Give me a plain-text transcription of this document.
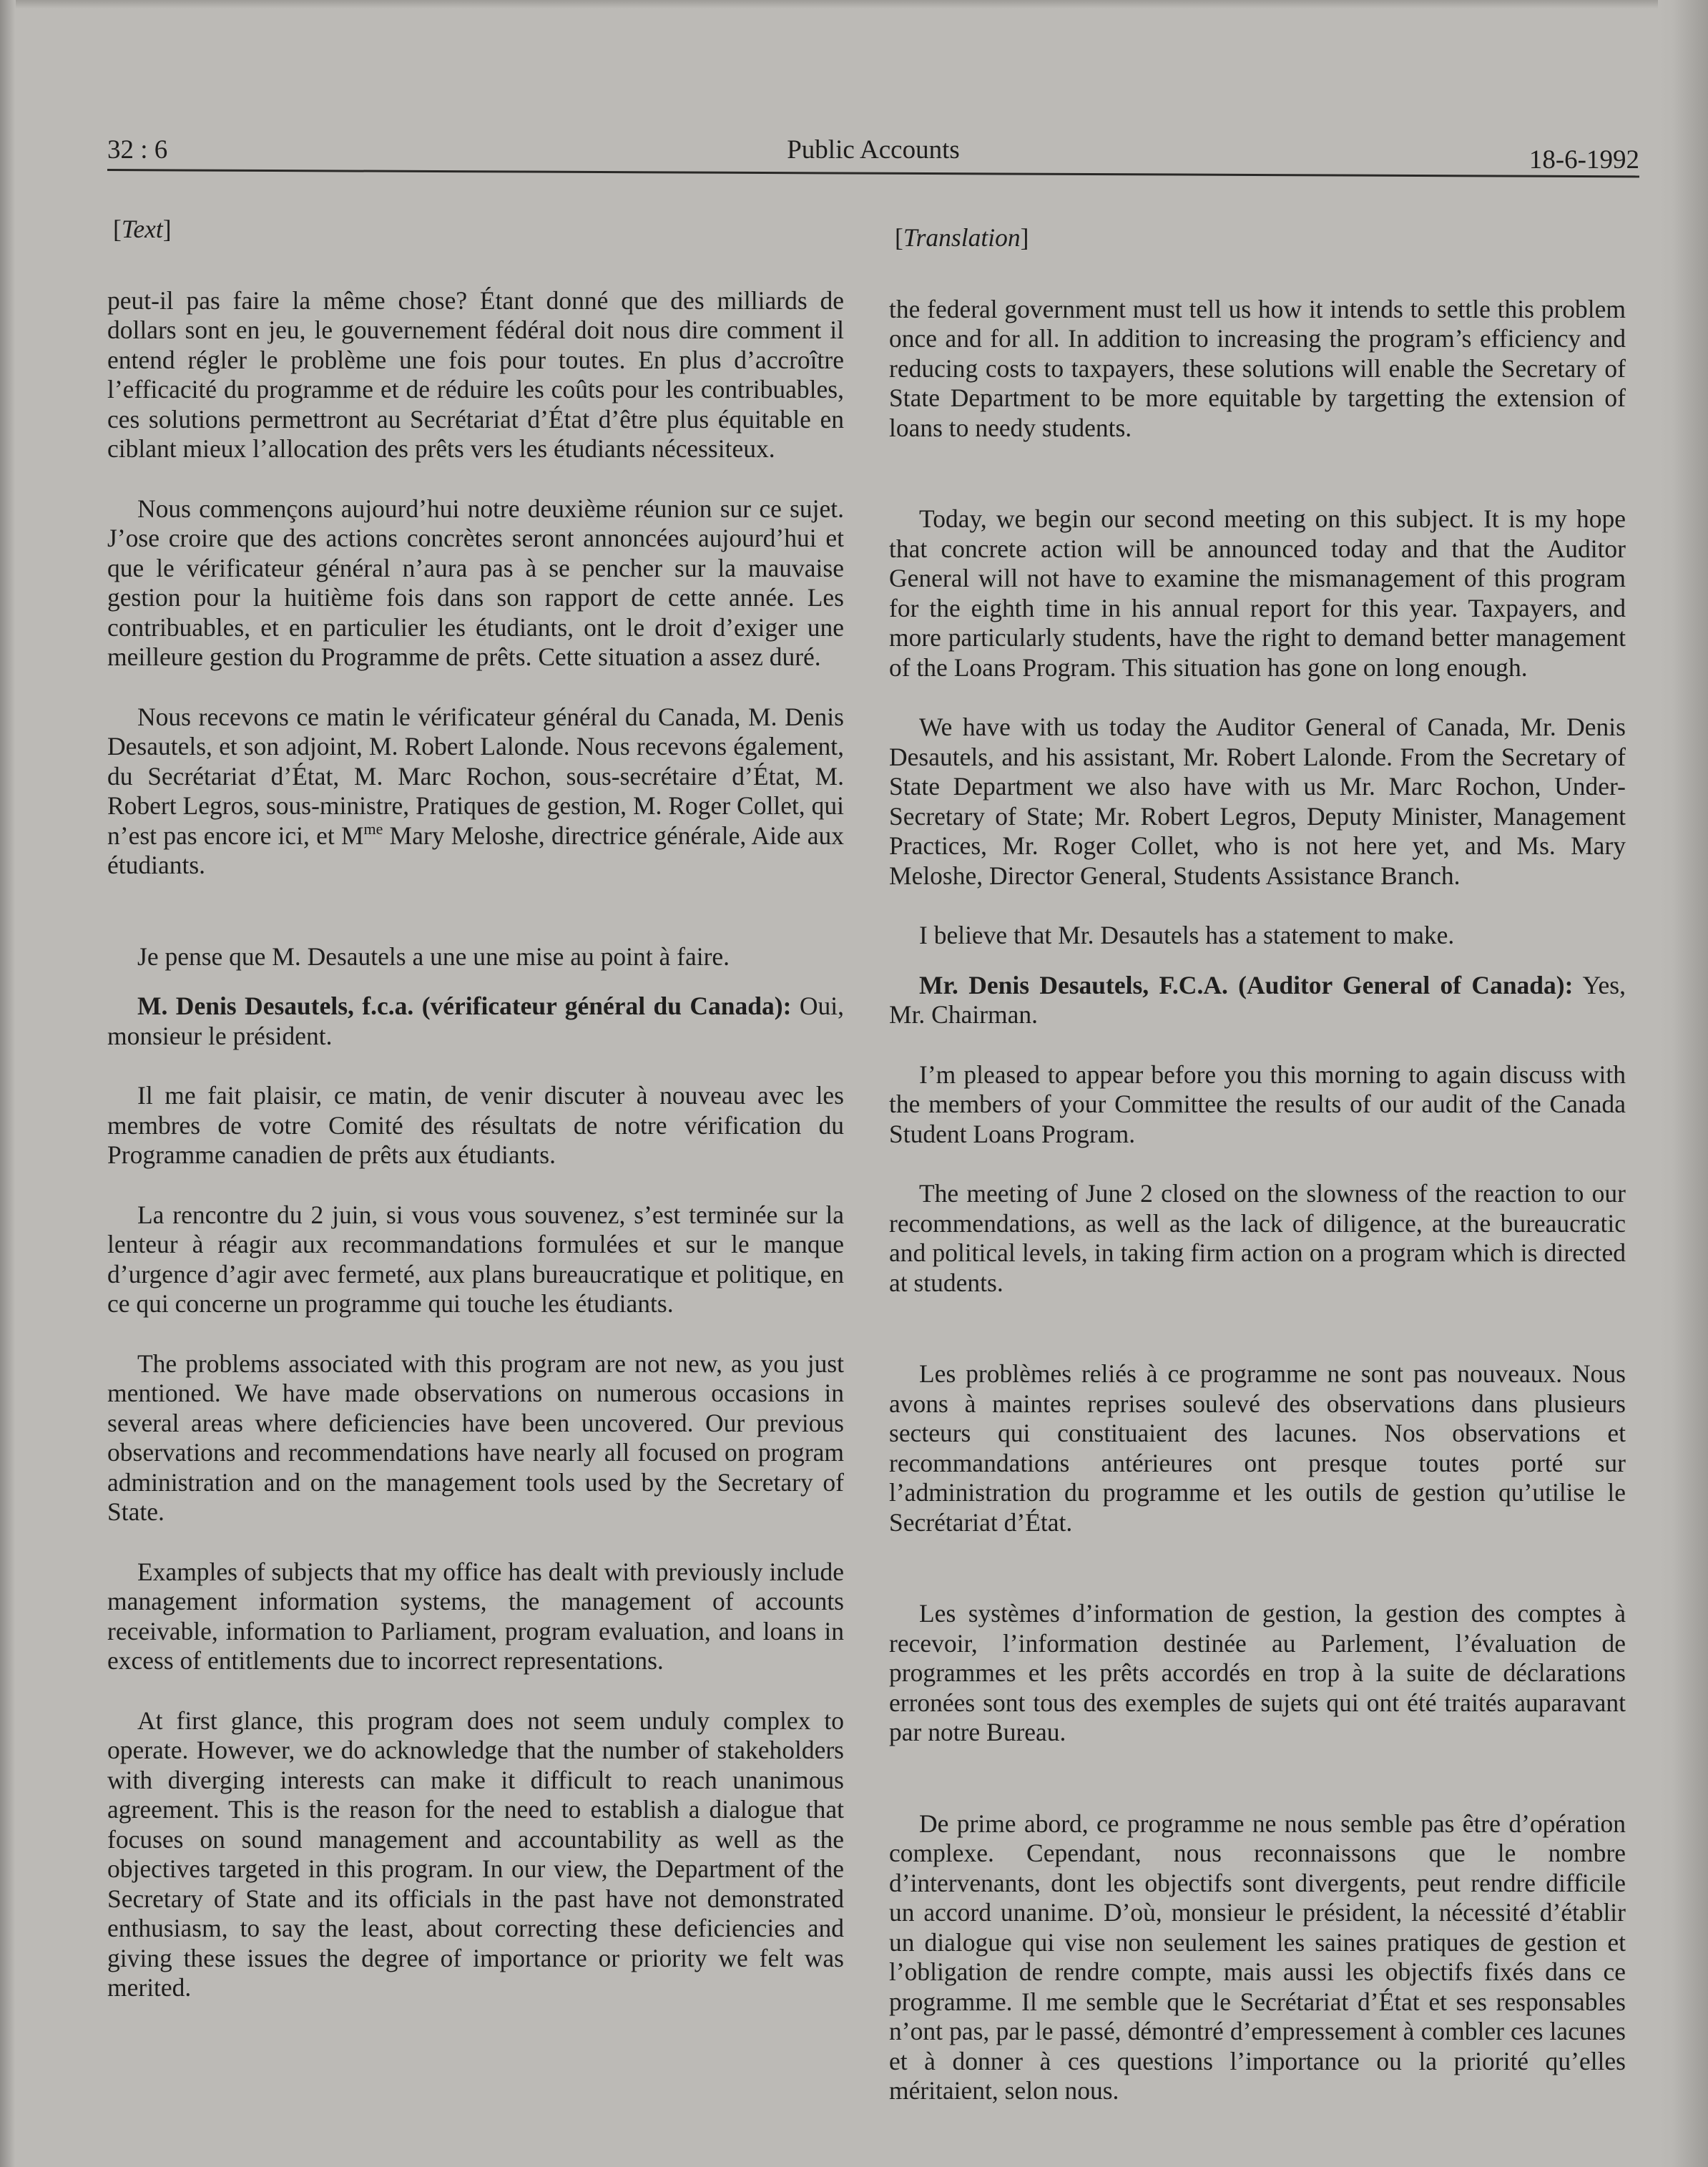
32 : 6	Public Accounts	18-6-1992
[Text]

peut-il pas faire la même chose? Étant donné que des milliards de dollars sont en jeu, le gouvernement fédéral doit nous dire comment il entend régler le problème une fois pour toutes. En plus d’accroître l’efficacité du programme et de réduire les coûts pour les contribuables, ces solutions permettront au Secrétariat d’État d’être plus équitable en ciblant mieux l’allocation des prêts vers les étudiants nécessiteux.

Nous commençons aujourd’hui notre deuxième réunion sur ce sujet. J’ose croire que des actions concrètes seront annoncées aujourd’hui et que le vérificateur général n’aura pas à se pencher sur la mauvaise gestion pour la huitième fois dans son rapport de cette année. Les contribuables, et en particulier les étudiants, ont le droit d’exiger une meilleure gestion du Programme de prêts. Cette situation a assez duré.

Nous recevons ce matin le vérificateur général du Canada, M. Denis Desautels, et son adjoint, M. Robert Lalonde. Nous recevons également, du Secrétariat d’État, M. Marc Rochon, sous-secrétaire d’État, M. Robert Legros, sous-ministre, Pratiques de gestion, M. Roger Collet, qui n’est pas encore ici, et $M^{me}$ Mary Meloshe, directrice générale, Aide aux étudiants.

Je pense que M. Desautels a une une mise au point à faire.

M. Denis Desautels, f.c.a. (vérificateur général du Canada): Oui, monsieur le président.

Il me fait plaisir, ce matin, de venir discuter à nouveau avec les membres de votre Comité des résultats de notre vérification du Programme canadien de prêts aux étudiants.

La rencontre du 2 juin, si vous vous souvenez, s’est terminée sur la lenteur à réagir aux recommandations formulées et sur le manque d’urgence d’agir avec fermeté, aux plans bureaucratique et politique, en ce qui concerne un programme qui touche les étudiants.

The problems associated with this program are not new, as you just mentioned. We have made observations on numerous occasions in several areas where deficiencies have been uncovered. Our previous observations and recommendations have nearly all focused on program administration and on the management tools used by the Secretary of State.

Examples of subjects that my office has dealt with previously include management information systems, the management of accounts receivable, information to Parliament, program evaluation, and loans in excess of entitlements due to incorrect representations.

At first glance, this program does not seem unduly complex to operate. However, we do acknowledge that the number of stakeholders with diverging interests can make it difficult to reach unanimous agreement. This is the reason for the need to establish a dialogue that focuses on sound management and accountability as well as the objectives targeted in this program. In our view, the Department of the Secretary of State and its officials in the past have not demonstrated enthusiasm, to say the least, about correcting these deficiencies and giving these issues the degree of importance or priority we felt was merited.

[Translation]

the federal government must tell us how it intends to settle this problem once and for all. In addition to increasing the program’s efficiency and reducing costs to taxpayers, these solutions will enable the Secretary of State Department to be more equitable by targetting the extension of loans to needy students.

Today, we begin our second meeting on this subject. It is my hope that concrete action will be announced today and that the Auditor General will not have to examine the mismanagement of this program for the eighth time in his annual report for this year. Taxpayers, and more particularly students, have the right to demand better management of the Loans Program. This situation has gone on long enough.

We have with us today the Auditor General of Canada, Mr. Denis Desautels, and his assistant, Mr. Robert Lalonde. From the Secretary of State Department we also have with us Mr. Marc Rochon, Under-Secretary of State; Mr. Robert Legros, Deputy Minister, Management Practices, Mr. Roger Collet, who is not here yet, and Ms. Mary Meloshe, Director General, Students Assistance Branch.

I believe that Mr. Desautels has a statement to make.

Mr. Denis Desautels, F.C.A. (Auditor General of Canada): Yes, Mr. Chairman.

I’m pleased to appear before you this morning to again discuss with the members of your Committee the results of our audit of the Canada Student Loans Program.

The meeting of June 2 closed on the slowness of the reaction to our recommendations, as well as the lack of diligence, at the bureaucratic and political levels, in taking firm action on a program which is directed at students.

Les problèmes reliés à ce programme ne sont pas nouveaux. Nous avons à maintes reprises soulevé des observations dans plusieurs secteurs qui constituaient des lacunes. Nos observations et recommandations antérieures ont presque toutes porté sur l’administration du programme et les outils de gestion qu’utilise le Secrétariat d’État.

Les systèmes d’information de gestion, la gestion des comptes à recevoir, l’information destinée au Parlement, l’évaluation de programmes et les prêts accordés en trop à la suite de déclarations erronées sont tous des exemples de sujets qui ont été traités auparavant par notre Bureau.

De prime abord, ce programme ne nous semble pas être d’opération complexe. Cependant, nous reconnaissons que le nombre d’intervenants, dont les objectifs sont divergents, peut rendre difficile un accord unanime. D’où, monsieur le président, la nécessité d’établir un dialogue qui vise non seulement les saines pratiques de gestion et l’obligation de rendre compte, mais aussi les objectifs fixés dans ce programme. Il me semble que le Secrétariat d’État et ses responsables n’ont pas, par le passé, démontré d’empressement à combler ces lacunes et à donner à ces questions l’importance ou la priorité qu’elles méritaient, selon nous.
